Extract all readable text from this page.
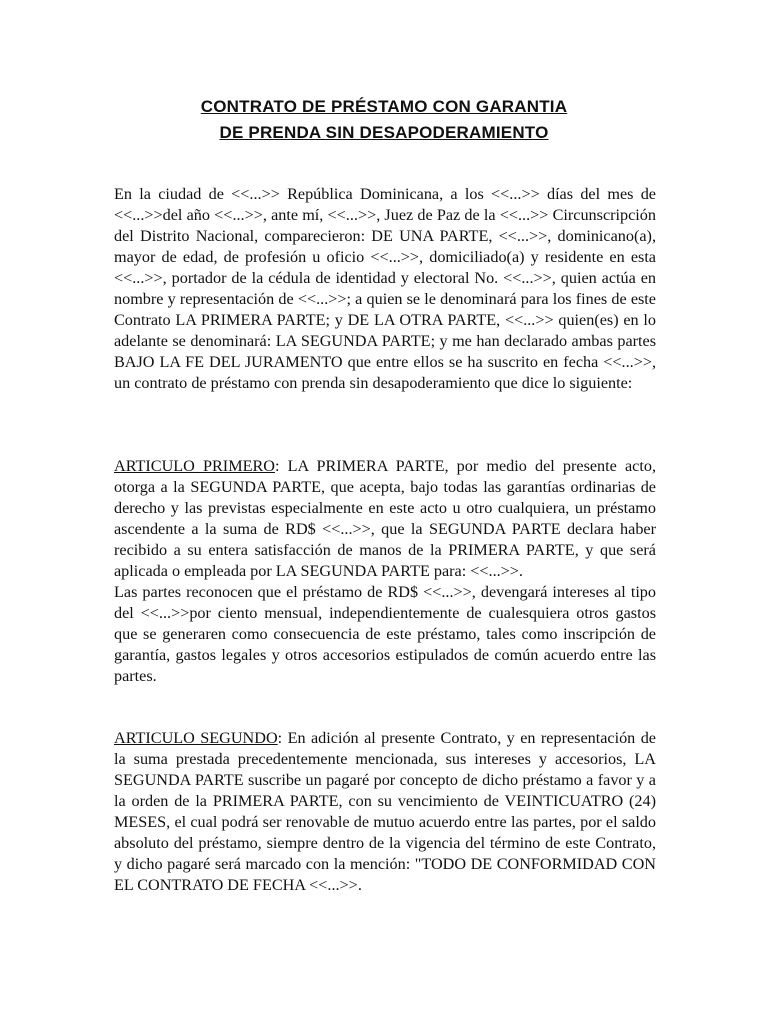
CONTRATO DE PRÉSTAMO CON GARANTIA
DE PRENDA SIN DESAPODERAMIENTO

En la ciudad de <<...>> República Dominicana, a los <<...>> días del mes de <<...>>del año <<...>>, ante mí, <<...>>, Juez de Paz de la <<...>> Circunscripción del Distrito Nacional, comparecieron: DE UNA PARTE, <<...>>, dominicano(a), mayor de edad, de profesión u oficio <<...>>, domiciliado(a) y residente en esta <<...>>, portador de la cédula de identidad y electoral No. <<...>>, quien actúa en nombre y representación de <<...>>; a quien se le denominará para los fines de este Contrato LA PRIMERA PARTE; y DE LA OTRA PARTE, <<...>> quien(es) en lo adelante se denominará: LA SEGUNDA PARTE; y me han declarado ambas partes BAJO LA FE DEL JURAMENTO que entre ellos se ha suscrito en fecha <<...>>, un contrato de préstamo con prenda sin desapoderamiento que dice lo siguiente:

ARTICULO PRIMERO: LA PRIMERA PARTE, por medio del presente acto, otorga a la SEGUNDA PARTE, que acepta, bajo todas las garantías ordinarias de derecho y las previstas especialmente en este acto u otro cualquiera, un préstamo ascendente a la suma de RD$ <<...>>, que la SEGUNDA PARTE declara haber recibido a su entera satisfacción de manos de la PRIMERA PARTE, y que será aplicada o empleada por LA SEGUNDA PARTE para: <<...>>.

Las partes reconocen que el préstamo de RD$ <<...>>, devengará intereses al tipo del <<...>>por ciento mensual, independientemente de cualesquiera otros gastos que se generaren como consecuencia de este préstamo, tales como inscripción de garantía, gastos legales y otros accesorios estipulados de común acuerdo entre las partes.

ARTICULO SEGUNDO: En adición al presente Contrato, y en representación de la suma prestada precedentemente mencionada, sus intereses y accesorios, LA SEGUNDA PARTE suscribe un pagaré por concepto de dicho préstamo a favor y a la orden de la PRIMERA PARTE, con su vencimiento de VEINTICUATRO (24) MESES, el cual podrá ser renovable de mutuo acuerdo entre las partes, por el saldo absoluto del préstamo, siempre dentro de la vigencia del término de este Contrato, y dicho pagaré será marcado con la mención: "TODO DE CONFORMIDAD CON EL CONTRATO DE FECHA <<...>>.
